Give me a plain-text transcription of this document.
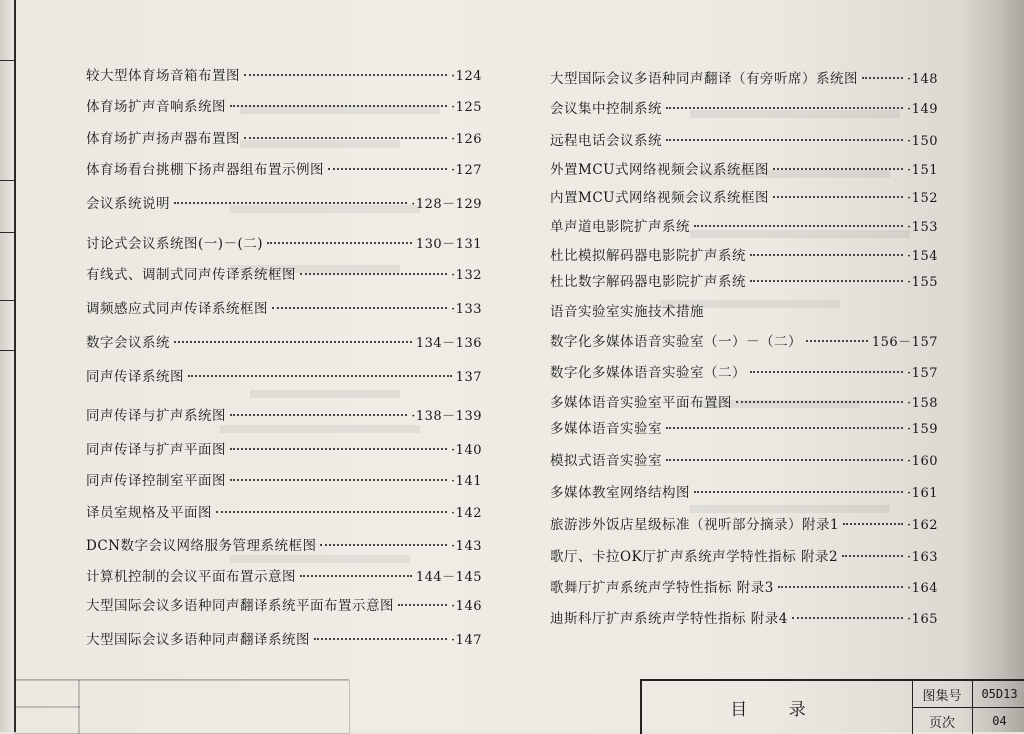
较大型体育场音箱布置图	·124
体育场扩声音响系统图	·125
体育场扩声扬声器布置图	·126
体育场看台挑棚下扬声器组布置示例图	·127
会议系统说明	·128－129
讨论式会议系统图(一)－(二)	130－131
有线式、调制式同声传译系统框图	·132
调频感应式同声传译系统框图	·133
数字会议系统	134－136
同声传译系统图	137
同声传译与扩声系统图	·138－139
同声传译与扩声平面图	·140
同声传译控制室平面图	·141
译员室规格及平面图	·142
DCN数字会议网络服务管理系统框图	·143
计算机控制的会议平面布置示意图	144－145
大型国际会议多语种同声翻译系统平面布置示意图	·146
大型国际会议多语种同声翻译系统图	·147
大型国际会议多语种同声翻译（有旁听席）系统图	·148
会议集中控制系统	·149
远程电话会议系统	·150
外置MCU式网络视频会议系统框图	·151
内置MCU式网络视频会议系统框图	·152
单声道电影院扩声系统	·153
杜比模拟解码器电影院扩声系统	·154
杜比数字解码器电影院扩声系统	·155
语音实验室实施技术措施
数字化多媒体语音实验室（一）－（二）	156－157
数字化多媒体语音实验室（二）	·157
多媒体语音实验室平面布置图	·158
多媒体语音实验室	·159
模拟式语音实验室	·160
多媒体教室网络结构图	·161
旅游涉外饭店星级标准（视听部分摘录）附录1	·162
歌厅、卡拉OK厅扩声系统声学特性指标 附录2	·163
歌舞厅扩声系统声学特性指标 附录3	·164
迪斯科厅扩声系统声学特性指标 附录4	·165
目 录
图集号	05D13
页次	04
